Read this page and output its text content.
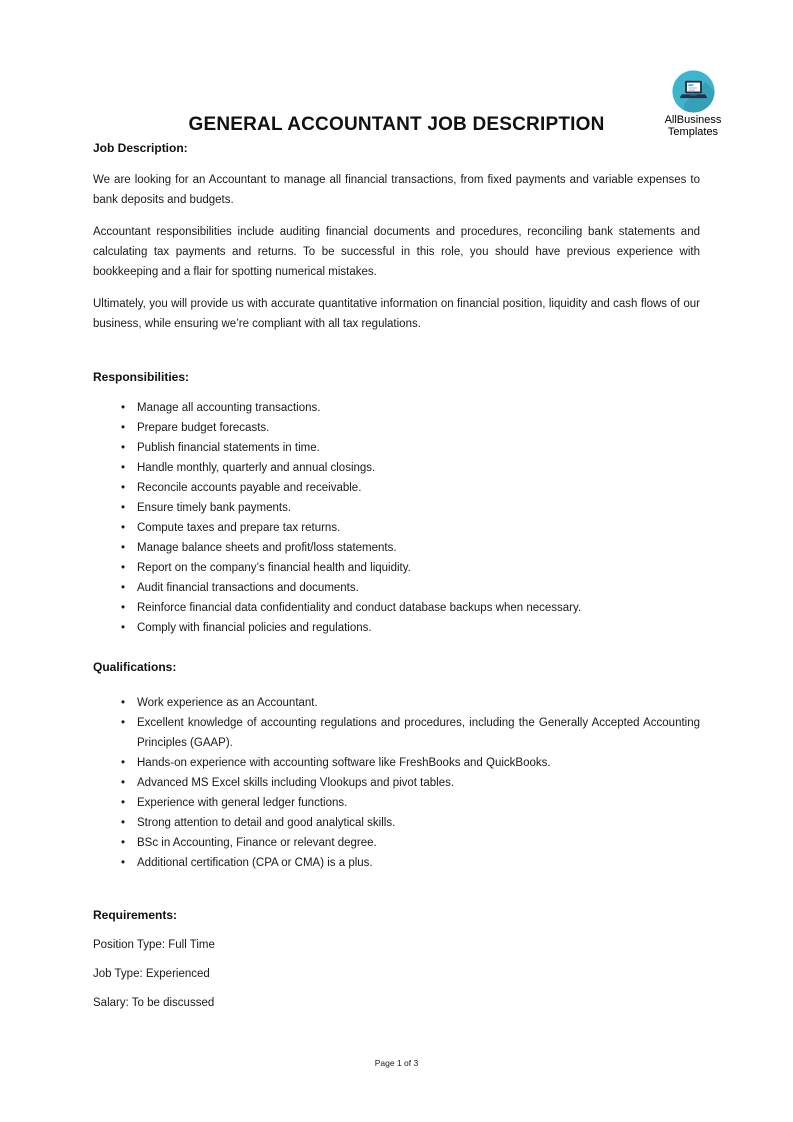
AllBusiness
Templates
GENERAL ACCOUNTANT JOB DESCRIPTION
Job Description:

We are looking for an Accountant to manage all financial transactions, from fixed payments and variable expenses to bank deposits and budgets.

Accountant responsibilities include auditing financial documents and procedures, reconciling bank statements and calculating tax payments and returns. To be successful in this role, you should have previous experience with bookkeeping and a flair for spotting numerical mistakes.

Ultimately, you will provide us with accurate quantitative information on financial position, liquidity and cash flows of our business, while ensuring we’re compliant with all tax regulations.

Responsibilities:
• Manage all accounting transactions.
• Prepare budget forecasts.
• Publish financial statements in time.
• Handle monthly, quarterly and annual closings.
• Reconcile accounts payable and receivable.
• Ensure timely bank payments.
• Compute taxes and prepare tax returns.
• Manage balance sheets and profit/loss statements.
• Report on the company’s financial health and liquidity.
• Audit financial transactions and documents.
• Reinforce financial data confidentiality and conduct database backups when necessary.
• Comply with financial policies and regulations.
Qualifications:
• Work experience as an Accountant.
• Excellent knowledge of accounting regulations and procedures, including the Generally Accepted Accounting Principles (GAAP).
• Hands-on experience with accounting software like FreshBooks and QuickBooks.
• Advanced MS Excel skills including Vlookups and pivot tables.
• Experience with general ledger functions.
• Strong attention to detail and good analytical skills.
• BSc in Accounting, Finance or relevant degree.
• Additional certification (CPA or CMA) is a plus.
Requirements:

Position Type: Full Time

Job Type: Experienced

Salary: To be discussed

Page 1 of 3
